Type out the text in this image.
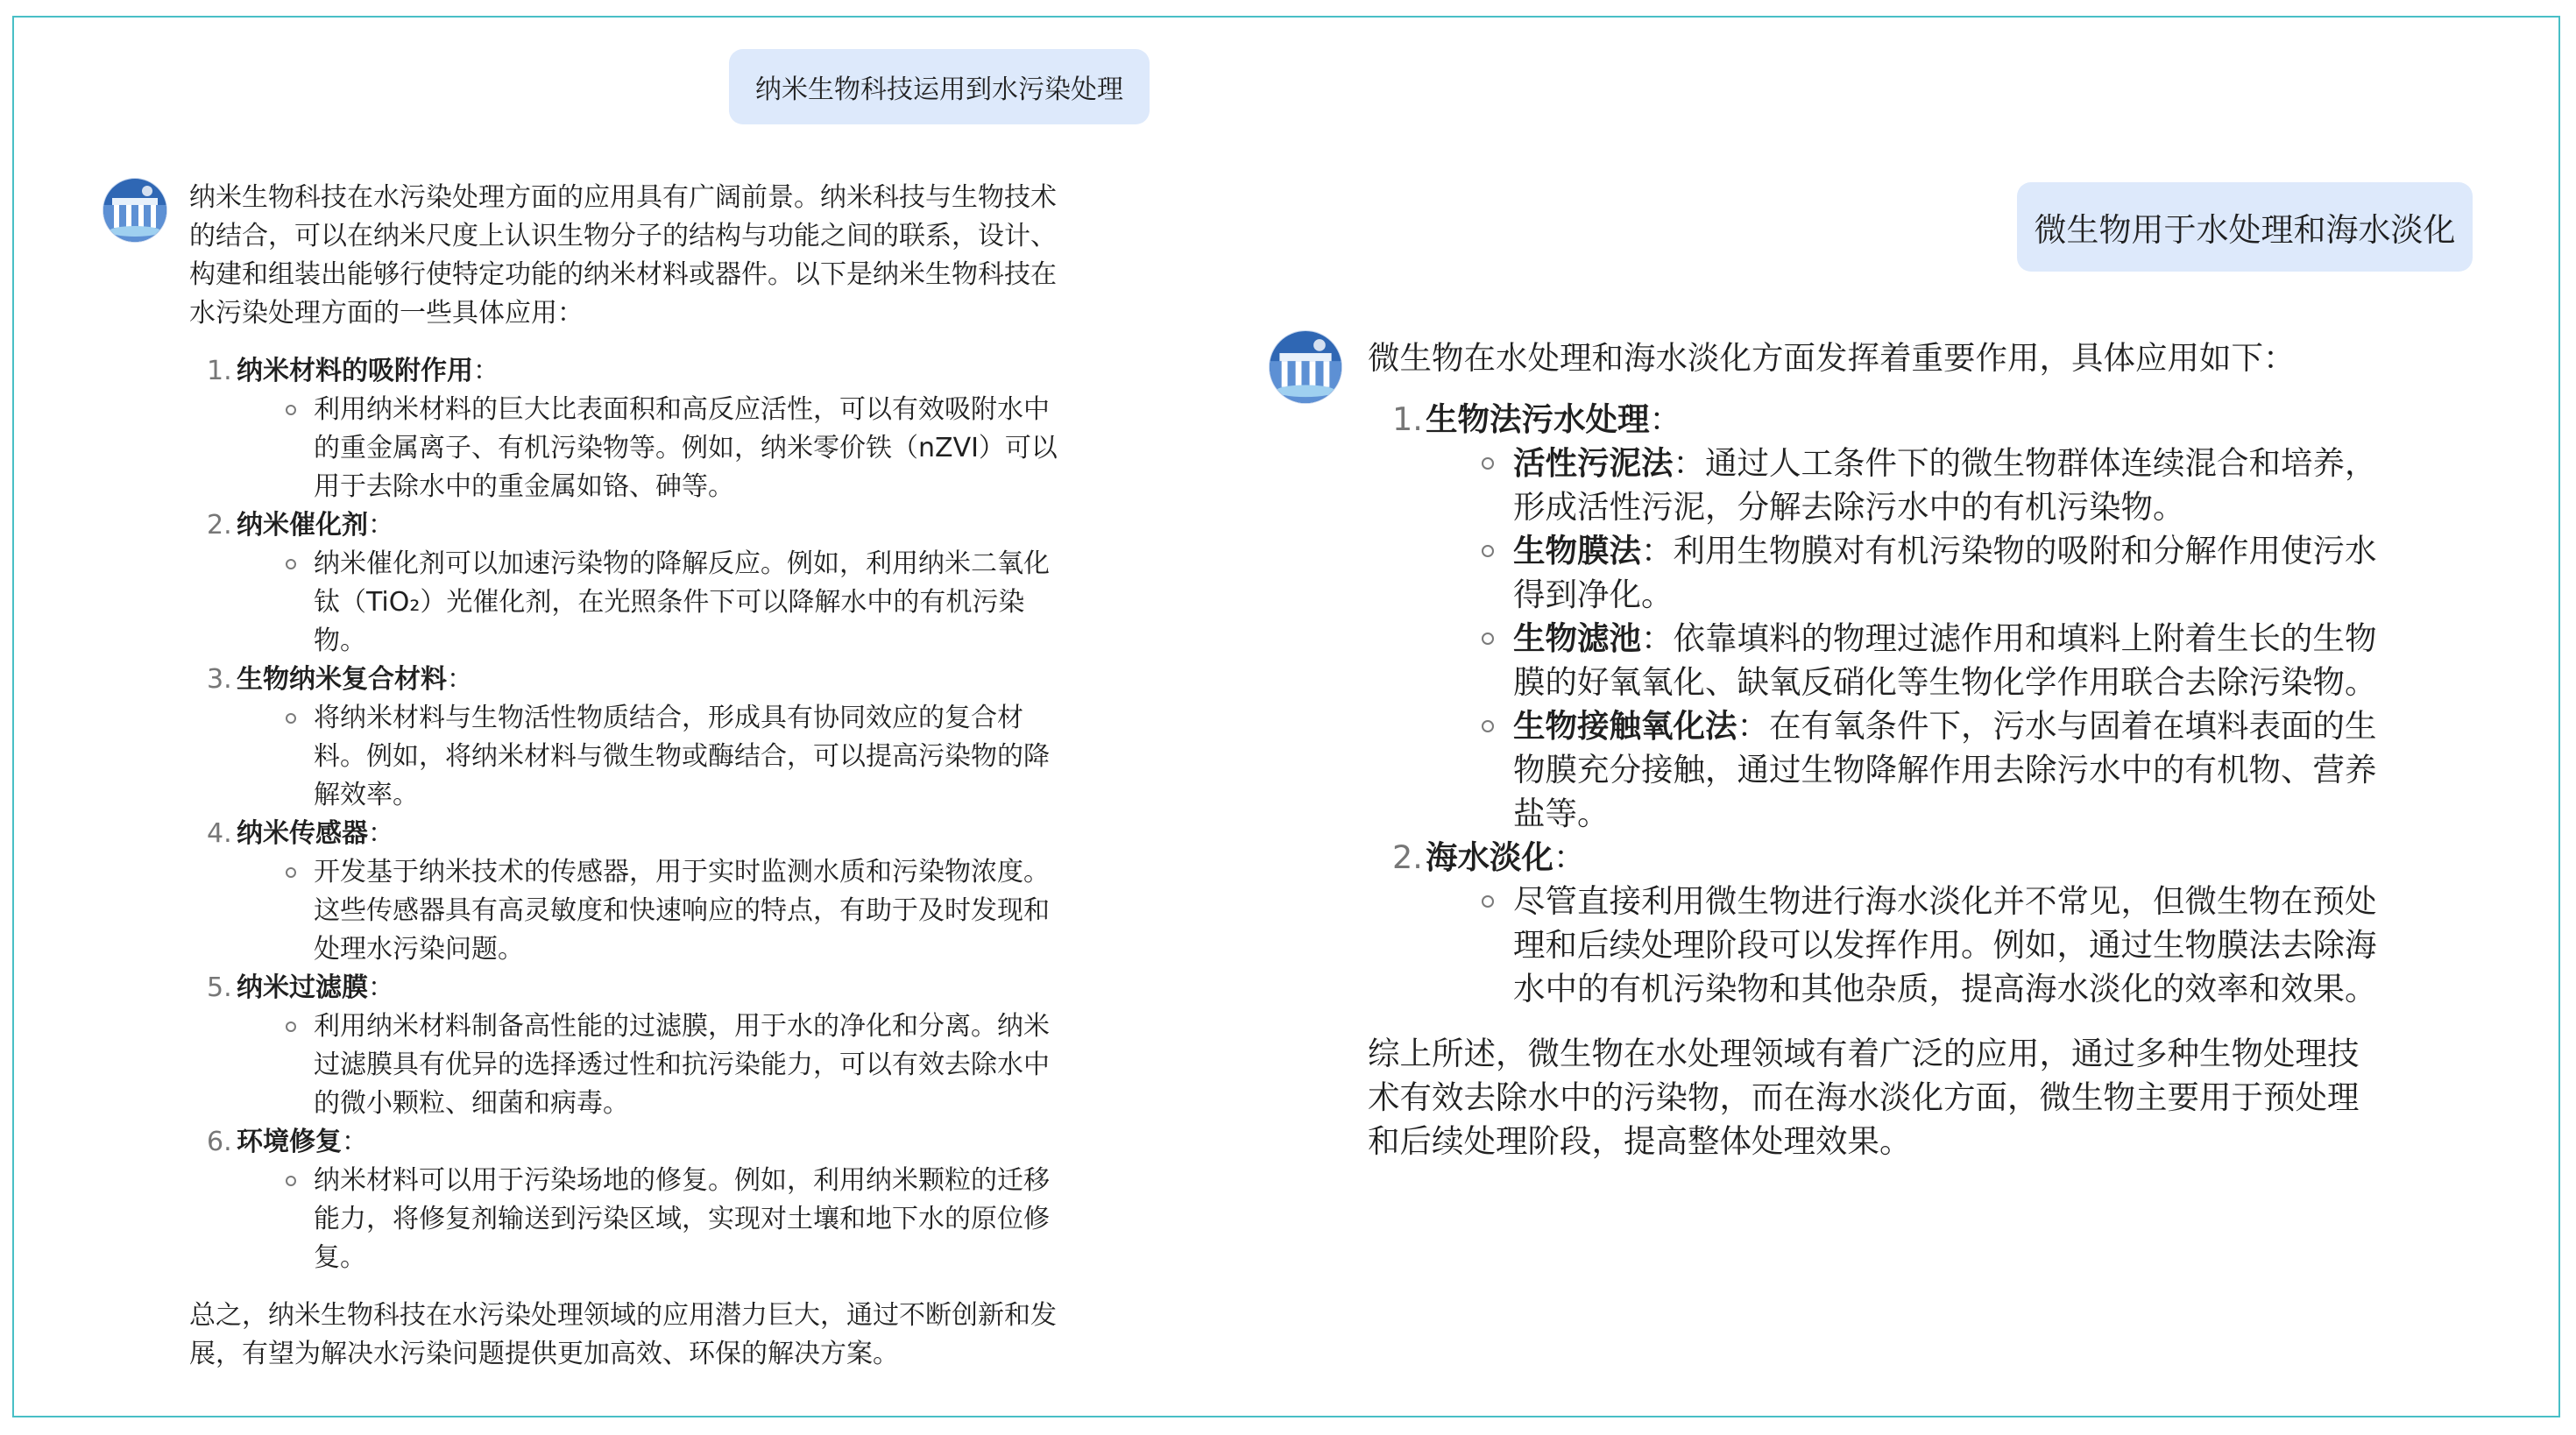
纳米生物科技运用到水污染处理

纳米生物科技在水污染处理方面的应用具有广阔前景。纳米科技与生物技术的结合，可以在纳米尺度上认识生物分子的结构与功能之间的联系，设计、构建和组装出能够行使特定功能的纳米材料或器件。以下是纳米生物科技在水污染处理方面的一些具体应用：

1. 纳米材料的吸附作用：
利用纳米材料的巨大比表面积和高反应活性，可以有效吸附水中的重金属离子、有机污染物等。例如，纳米零价铁（nZVI）可以用于去除水中的重金属如铬、砷等。
2. 纳米催化剂：
纳米催化剂可以加速污染物的降解反应。例如，利用纳米二氧化钛（TiO₂）光催化剂，在光照条件下可以降解水中的有机污染物。
3. 生物纳米复合材料：
将纳米材料与生物活性物质结合，形成具有协同效应的复合材料。例如，将纳米材料与微生物或酶结合，可以提高污染物的降解效率。
4. 纳米传感器：
开发基于纳米技术的传感器，用于实时监测水质和污染物浓度。这些传感器具有高灵敏度和快速响应的特点，有助于及时发现和处理水污染问题。
5. 纳米过滤膜：
利用纳米材料制备高性能的过滤膜，用于水的净化和分离。纳米过滤膜具有优异的选择透过性和抗污染能力，可以有效去除水中的微小颗粒、细菌和病毒。
6. 环境修复：
纳米材料可以用于污染场地的修复。例如，利用纳米颗粒的迁移能力，将修复剂输送到污染区域，实现对土壤和地下水的原位修复。

总之，纳米生物科技在水污染处理领域的应用潜力巨大，通过不断创新和发展，有望为解决水污染问题提供更加高效、环保的解决方案。

微生物用于水处理和海水淡化

微生物在水处理和海水淡化方面发挥着重要作用，具体应用如下：

1. 生物法污水处理：
活性污泥法：通过人工条件下的微生物群体连续混合和培养，形成活性污泥，分解去除污水中的有机污染物。
生物膜法：利用生物膜对有机污染物的吸附和分解作用使污水得到净化。
生物滤池：依靠填料的物理过滤作用和填料上附着生长的生物膜的好氧氧化、缺氧反硝化等生物化学作用联合去除污染物。
生物接触氧化法：在有氧条件下，污水与固着在填料表面的生物膜充分接触，通过生物降解作用去除污水中的有机物、营养盐等。
2. 海水淡化：
尽管直接利用微生物进行海水淡化并不常见，但微生物在预处理和后续处理阶段可以发挥作用。例如，通过生物膜法去除海水中的有机污染物和其他杂质，提高海水淡化的效率和效果。

综上所述，微生物在水处理领域有着广泛的应用，通过多种生物处理技术有效去除水中的污染物，而在海水淡化方面，微生物主要用于预处理和后续处理阶段，提高整体处理效果。
